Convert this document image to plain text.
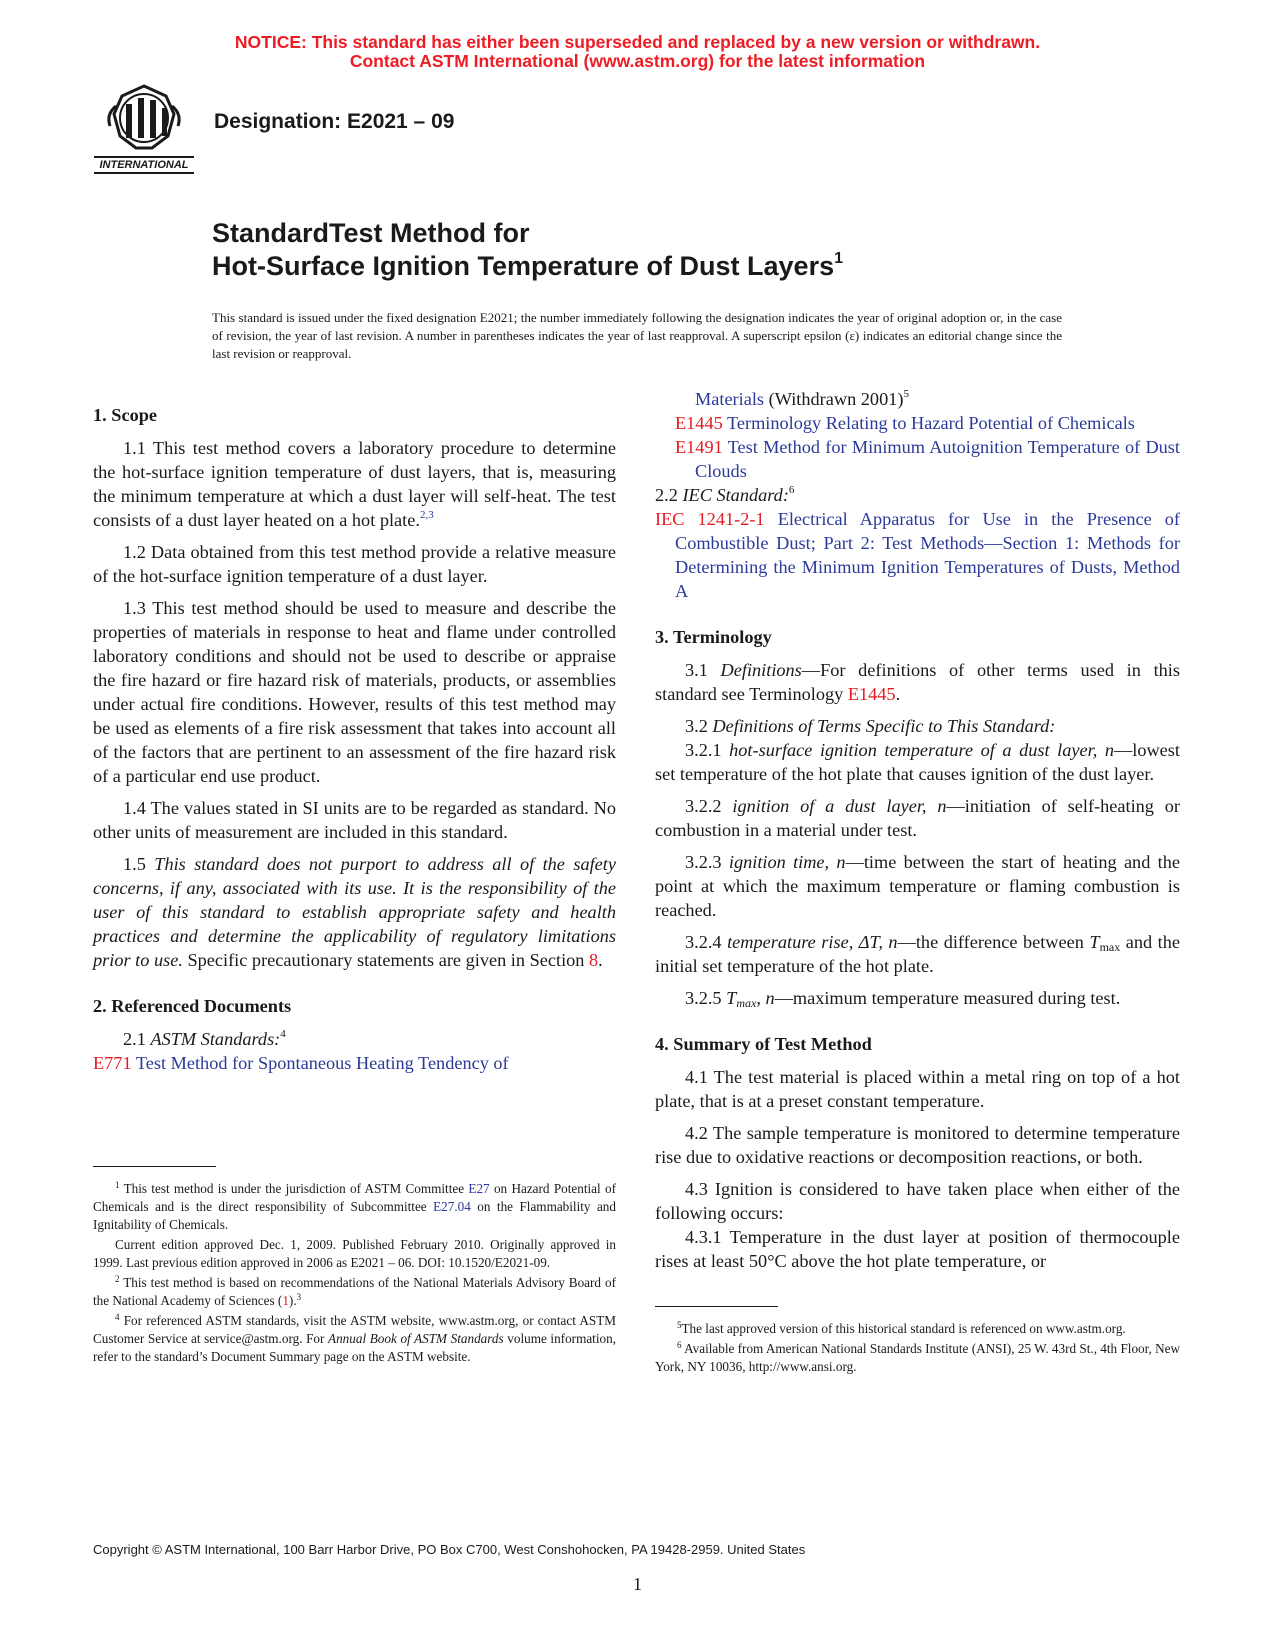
NOTICE: This standard has either been superseded and replaced by a new version or withdrawn.
Contact ASTM International (www.astm.org) for the latest information
INTERNATIONAL
Designation: E2021 – 09
StandardTest Method for
Hot-Surface Ignition Temperature of Dust Layers$^1$
This standard is issued under the fixed designation E2021; the number immediately following the designation indicates the year of original adoption or, in the case of revision, the year of last revision. A number in parentheses indicates the year of last reapproval. A superscript epsilon (ε) indicates an editorial change since the last revision or reapproval.
1. Scope

1.1 This test method covers a laboratory procedure to determine the hot-surface ignition temperature of dust layers, that is, measuring the minimum temperature at which a dust layer will self-heat. The test consists of a dust layer heated on a hot plate.$^{2,3}$

1.2 Data obtained from this test method provide a relative measure of the hot-surface ignition temperature of a dust layer.

1.3 This test method should be used to measure and describe the properties of materials in response to heat and flame under controlled laboratory conditions and should not be used to describe or appraise the fire hazard or fire hazard risk of materials, products, or assemblies under actual fire conditions. However, results of this test method may be used as elements of a fire risk assessment that takes into account all of the factors that are pertinent to an assessment of the fire hazard risk of a particular end use product.

1.4 The values stated in SI units are to be regarded as standard. No other units of measurement are included in this standard.

1.5 This standard does not purport to address all of the safety concerns, if any, associated with its use. It is the responsibility of the user of this standard to establish appropriate safety and health practices and determine the applicability of regulatory limitations prior to use. Specific precautionary statements are given in Section 8.

2. Referenced Documents

2.1 ASTM Standards:$^4$

E771 Test Method for Spontaneous Heating Tendency of

$^1$ This test method is under the jurisdiction of ASTM Committee E27 on Hazard Potential of Chemicals and is the direct responsibility of Subcommittee E27.04 on the Flammability and Ignitability of Chemicals.

Current edition approved Dec. 1, 2009. Published February 2010. Originally approved in 1999. Last previous edition approved in 2006 as E2021 – 06. DOI: 10.1520/E2021-09.

$^2$ This test method is based on recommendations of the National Materials Advisory Board of the National Academy of Sciences (1).$^3$

$^4$ For referenced ASTM standards, visit the ASTM website, www.astm.org, or contact ASTM Customer Service at service@astm.org. For Annual Book of ASTM Standards volume information, refer to the standard’s Document Summary page on the ASTM website.

Materials (Withdrawn 2001)$^5$

E1445 Terminology Relating to Hazard Potential of Chemicals

E1491 Test Method for Minimum Autoignition Temperature of Dust Clouds

2.2 IEC Standard:$^6$

IEC 1241-2-1 Electrical Apparatus for Use in the Presence of Combustible Dust; Part 2: Test Methods—Section 1: Methods for Determining the Minimum Ignition Temperatures of Dusts, Method A

3. Terminology

3.1 Definitions—For definitions of other terms used in this standard see Terminology E1445.

3.2 Definitions of Terms Specific to This Standard:

3.2.1 hot-surface ignition temperature of a dust layer, n—lowest set temperature of the hot plate that causes ignition of the dust layer.

3.2.2 ignition of a dust layer, n—initiation of self-heating or combustion in a material under test.

3.2.3 ignition time, n—time between the start of heating and the point at which the maximum temperature or flaming combustion is reached.

3.2.4 temperature rise, ΔT, n—the difference between $T_{max}$ and the initial set temperature of the hot plate.

3.2.5 $T_{max}$, n—maximum temperature measured during test.

4. Summary of Test Method

4.1 The test material is placed within a metal ring on top of a hot plate, that is at a preset constant temperature.

4.2 The sample temperature is monitored to determine temperature rise due to oxidative reactions or decomposition reactions, or both.

4.3 Ignition is considered to have taken place when either of the following occurs:

4.3.1 Temperature in the dust layer at position of thermocouple rises at least 50°C above the hot plate temperature, or

$^5$The last approved version of this historical standard is referenced on www.astm.org.

$^6$ Available from American National Standards Institute (ANSI), 25 W. 43rd St., 4th Floor, New York, NY 10036, http://www.ansi.org.

Copyright © ASTM International, 100 Barr Harbor Drive, PO Box C700, West Conshohocken, PA 19428-2959. United States
1
